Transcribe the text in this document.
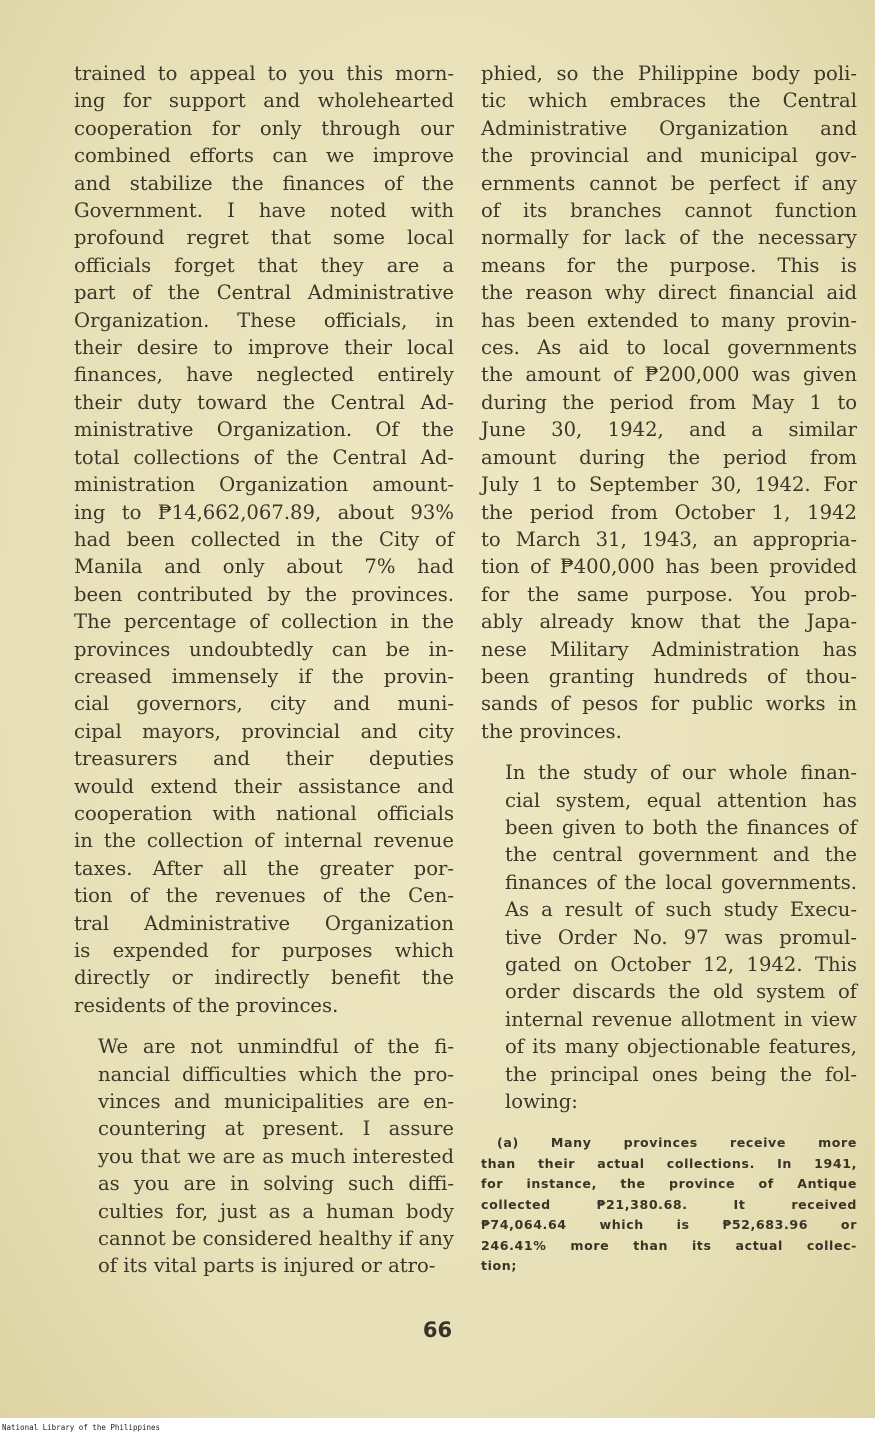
trained to appeal to you this morn-
ing for support and wholehearted
cooperation for only through our
combined efforts can we improve
and stabilize the finances of the
Government. I have noted with
profound regret that some local
officials forget that they are a
part of the Central Administrative
Organization. These officials, in
their desire to improve their local
finances, have neglected entirely
their duty toward the Central Ad-
ministrative Organization. Of the
total collections of the Central Ad-
ministration Organization amount-
ing to ₱14,662,067.89, about 93%
had been collected in the City of
Manila and only about 7% had
been contributed by the provinces.
The percentage of collection in the
provinces undoubtedly can be in-
creased immensely if the provin-
cial governors, city and muni-
cipal mayors, provincial and city
treasurers and their deputies
would extend their assistance and
cooperation with national officials
in the collection of internal revenue
taxes. After all the greater por-
tion of the revenues of the Cen-
tral Administrative Organization
is expended for purposes which
directly or indirectly benefit the
residents of the provinces.

We are not unmindful of the fi-
nancial difficulties which the pro-
vinces and municipalities are en-
countering at present. I assure
you that we are as much interested
as you are in solving such diffi-
culties for, just as a human body
cannot be considered healthy if any
of its vital parts is injured or atro-

phied, so the Philippine body poli-
tic which embraces the Central
Administrative Organization and
the provincial and municipal gov-
ernments cannot be perfect if any
of its branches cannot function
normally for lack of the necessary
means for the purpose. This is
the reason why direct financial aid
has been extended to many provin-
ces. As aid to local governments
the amount of ₱200,000 was given
during the period from May 1 to
June 30, 1942, and a similar
amount during the period from
July 1 to September 30, 1942. For
the period from October 1, 1942
to March 31, 1943, an appropria-
tion of ₱400,000 has been provided
for the same purpose. You prob-
ably already know that the Japa-
nese Military Administration has
been granting hundreds of thou-
sands of pesos for public works in
the provinces.

In the study of our whole finan-
cial system, equal attention has
been given to both the finances of
the central government and the
finances of the local governments.
As a result of such study Execu-
tive Order No. 97 was promul-
gated on October 12, 1942. This
order discards the old system of
internal revenue allotment in view
of its many objectionable features,
the principal ones being the fol-
lowing:

(a) Many provinces receive more
than their actual collections. In 1941,
for instance, the province of Antique
collected ₱21,380.68. It received
₱74,064.64 which is ₱52,683.96 or
246.41% more than its actual collec-
tion;
66
National Library of the Philippines
